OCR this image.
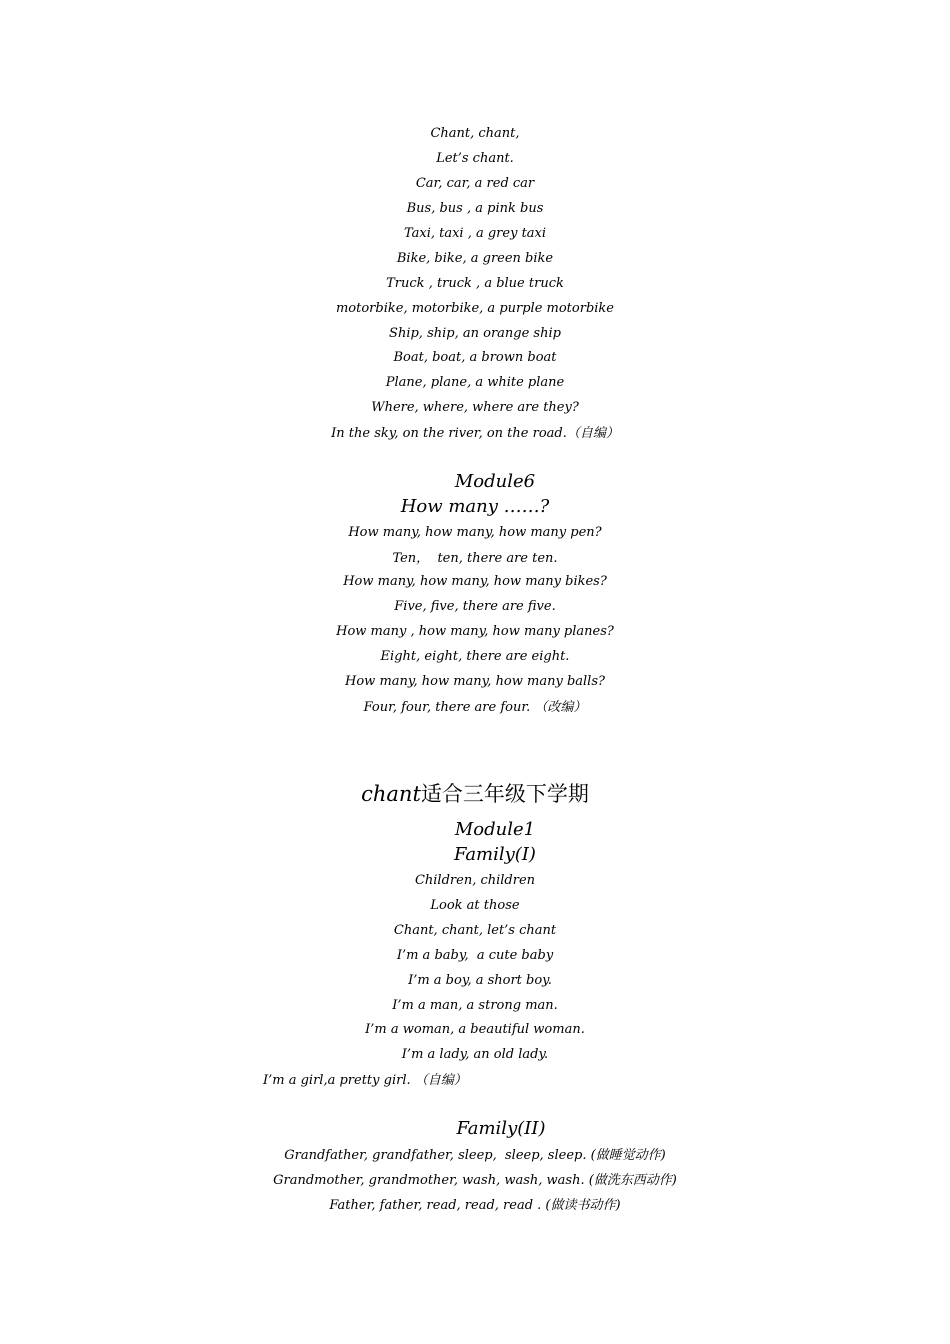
Chant, chant,
Let’s chant.
Car, car, a red car
Bus, bus , a pink bus
Taxi, taxi , a grey taxi
Bike, bike, a green bike
Truck , truck , a blue truck
motorbike, motorbike, a purple motorbike
Ship, ship, an orange ship
Boat, boat, a brown boat
Plane, plane, a white plane
Where, where, where are they?
In the sky, on the river, on the road.（自编）
Module6
How many ……?
How many, how many, how many pen?
Ten，  ten, there are ten.
How many, how many, how many bikes?
Five, five, there are five.
How many , how many, how many planes?
Eight, eight, there are eight.
How many, how many, how many balls?
Four, four, there are four. （改编）
chant适合三年级下学期
Module1
Family(I)
Children, children
Look at those
Chant, chant, let’s chant
I’m a baby,  a cute baby
I’m a boy, a short boy.
I’m a man, a strong man.
I’m a woman, a beautiful woman.
I’m a lady, an old lady.
I’m a girl,a pretty girl. （自编）
Family(II)
Grandfather, grandfather, sleep,  sleep, sleep. (做睡觉动作)
Grandmother, grandmother, wash, wash, wash. (做洗东西动作)
Father, father, read, read, read . (做读书动作)
